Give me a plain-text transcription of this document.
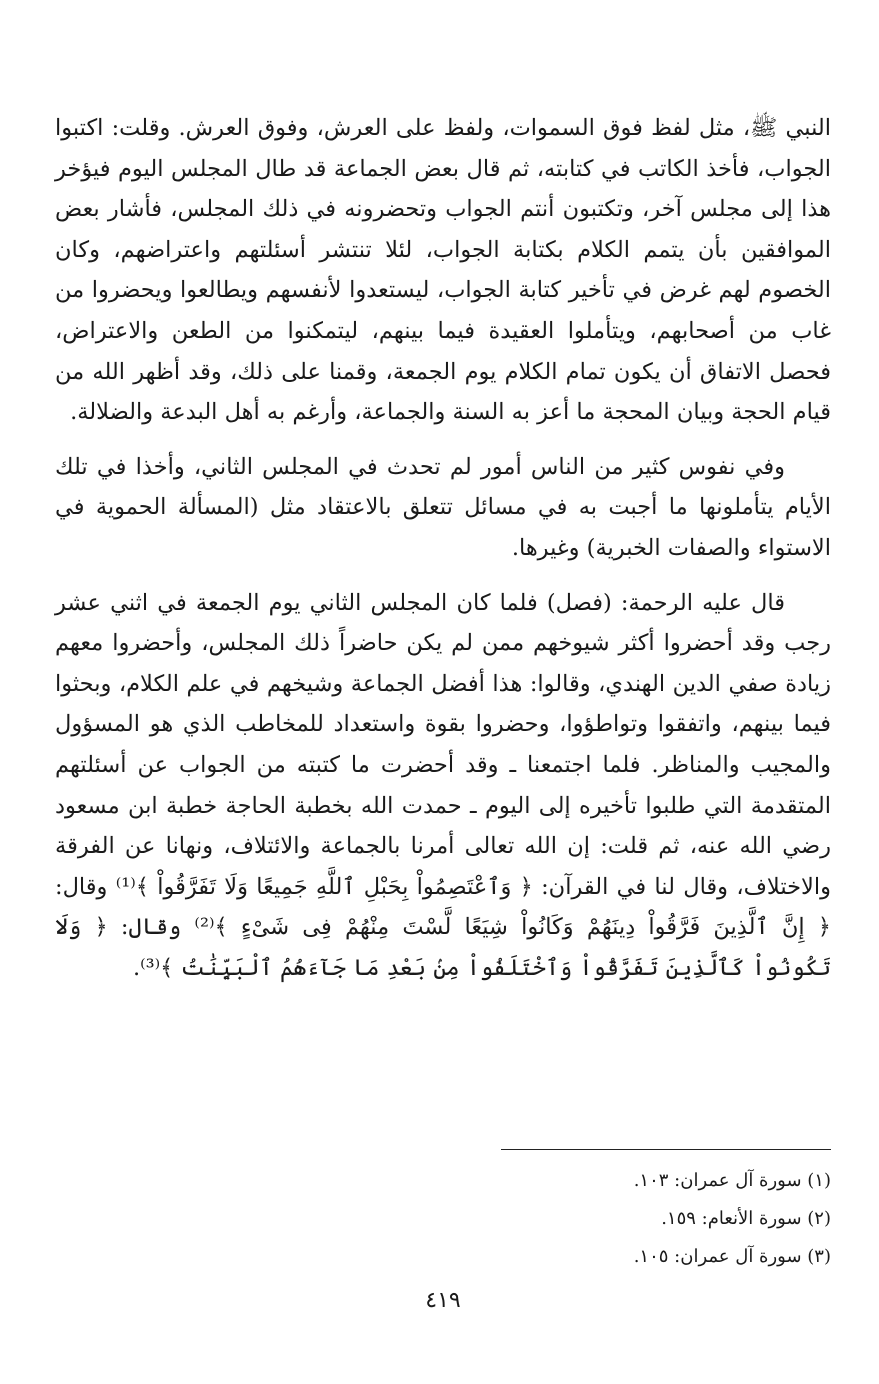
النبي ﷺ، مثل لفظ فوق السموات، ولفظ على العرش، وفوق العرش. وقلت: اكتبوا الجواب، فأخذ الكاتب في كتابته، ثم قال بعض الجماعة قد طال المجلس اليوم فيؤخر هذا إلى مجلس آخر، وتكتبون أنتم الجواب وتحضرونه في ذلك المجلس، فأشار بعض الموافقين بأن يتمم الكلام بكتابة الجواب، لئلا تنتشر أسئلتهم واعتراضهم، وكان الخصوم لهم غرض في تأخير كتابة الجواب، ليستعدوا لأنفسهم ويطالعوا ويحضروا من غاب من أصحابهم، ويتأملوا العقيدة فيما بينهم، ليتمكنوا من الطعن والاعتراض، فحصل الاتفاق أن يكون تمام الكلام يوم الجمعة، وقمنا على ذلك، وقد أظهر الله من قيام الحجة وبيان المحجة ما أعز به السنة والجماعة، وأرغم به أهل البدعة والضلالة.

وفي نفوس كثير من الناس أمور لم تحدث في المجلس الثاني، وأخذا في تلك الأيام يتأملونها ما أجبت به في مسائل تتعلق بالاعتقاد مثل (المسألة الحموية في الاستواء والصفات الخبرية) وغيرها.

قال عليه الرحمة: (فصل) فلما كان المجلس الثاني يوم الجمعة في اثني عشر رجب وقد أحضروا أكثر شيوخهم ممن لم يكن حاضراً ذلك المجلس، وأحضروا معهم زيادة صفي الدين الهندي، وقالوا: هذا أفضل الجماعة وشيخهم في علم الكلام، وبحثوا فيما بينهم، واتفقوا وتواطؤوا، وحضروا بقوة واستعداد للمخاطب الذي هو المسؤول والمجيب والمناظر. فلما اجتمعنا ـ وقد أحضرت ما كتبته من الجواب عن أسئلتهم المتقدمة التي طلبوا تأخيره إلى اليوم ـ حمدت الله بخطبة الحاجة خطبة ابن مسعود رضي الله عنه، ثم قلت: إن الله تعالى أمرنا بالجماعة والائتلاف، ونهانا عن الفرقة والاختلاف، وقال لنا في القرآن: ﴿ وَٱعْتَصِمُواْ بِحَبْلِ ٱللَّهِ جَمِيعًا وَلَا تَفَرَّقُواْ ﴾⁽¹⁾ وقال: ﴿ إِنَّ ٱلَّذِينَ فَرَّقُواْ دِينَهُمْ وَكَانُواْ شِيَعًا لَّسْتَ مِنْهُمْ فِى شَىْءٍ ﴾⁽²⁾ وقال: ﴿ وَلَا تَكُونُواْ كَٱلَّذِينَ تَفَرَّقُواْ وَٱخْتَلَفُواْ مِنۢ بَعْدِ مَا جَآءَهُمُ ٱلْبَيِّنَٰتُ ﴾⁽³⁾.

(١) سورة آل عمران: ١٠٣.
(٢) سورة الأنعام: ١٥٩.
(٣) سورة آل عمران: ١٠٥.
٤١٩
